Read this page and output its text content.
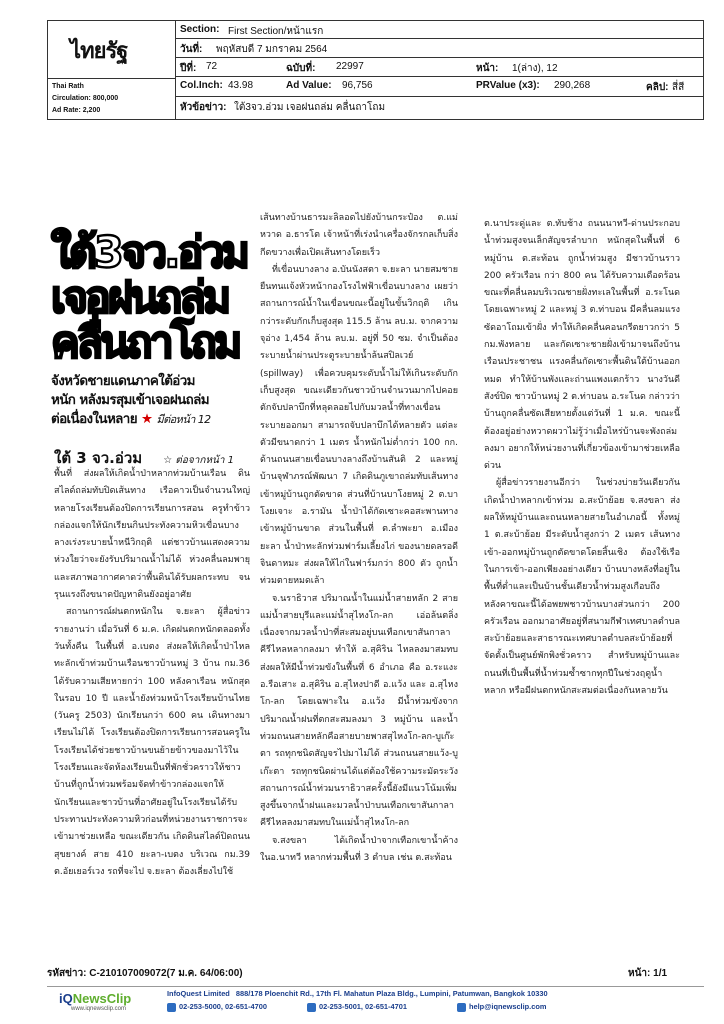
ไทยรัฐ
Thai Rath
Circulation: 800,000
Ad Rate: 2,200
Section: First Section/หน้าแรก
วันที่: พฤหัสบดี 7 มกราคม 2564
ปีที่: 72	ฉบับที่: 22997	หน้า: 1(ล่าง), 12
Col.Inch: 43.98	Ad Value: 96,756	PRValue (x3): 290,268	คลิป: สี่สี
หัวข้อข่าว: ใต้3จว.อ่วม เจอฝนถล่ม คลื่นถาโถม
ใต้3จว.อ่วม
เจอฝนถล่ม
คลื่นถาโถม
จังหวัดชายแดนภาคใต้อ่วม
หนัก หลังมรสุมเข้าเจอฝนถล่ม
ต่อเนื่องในหลาย ★ มีต่อหน้า 12
ใต้ 3 จว.อ่วม ☆ ต่อจากหน้า 1

พื้นที่ ส่งผลให้เกิดน้ำป่าหลากท่วมบ้านเรือน ดินสไลด์ถล่มทับปิดเส้นทาง เรือคาวเป็นจำนวนใหญ่หลายโรงเรียนต้องปิดการเรียนการสอน ครูทำข้าวกล่องแจกให้นักเรียนกินประทังความหิวเขื่อนบางลางเร่งระบายน้ำหนีวิกฤติ แต่ชาวบ้านแสดงความห่วงใยว่าจะยังรับปริมาณน้ำไม่ได้ ห่วงคลื่นลมพายุและสภาพอากาศคาดว่าพื้นดินได้รับผลกระทบ จนรุนแรงถึงขนาดปัญหาดินยังอยู่อาศัย

สถานการณ์ฝนตกหนักใน จ.ยะลา ผู้สื่อข่าวรายงานว่า เมื่อวันที่ 6 ม.ค. เกิดฝนตกหนักตลอดทั้งวันทั้งคืน ในพื้นที่ อ.เบตง ส่งผลให้เกิดน้ำป่าไหลทะลักเข้าท่วมบ้านเรือนชาวบ้านหมู่ 3 บ้าน กม.36 ได้รับความเสียหายกว่า 100 หลังคาเรือน หนักสุดในรอบ 10 ปี และน้ำยังท่วมหน้าโรงเรียนบ้านไทย (วันครู 2503) นักเรียนกว่า 600 คน เดินทางมาเรียนไม่ได้ โรงเรียนต้องปิดการเรียนการสอนครูในโรงเรียนได้ช่วยชาวบ้านขนย้ายข้าวของมาไว้ในโรงเรียนและจัดห้องเรียนเป็นที่พักชั่วคราวให้ชาวบ้านที่ถูกน้ำท่วมพร้อมจัดทำข้าวกล่องแจกให้นักเรียนและชาวบ้านที่อาศัยอยู่ในโรงเรียนได้รับประทานประทังความหิวก่อนที่หน่วยงานราชการจะเข้ามาช่วยเหลือ ขณะเดียวกัน เกิดดินสไลด์ปิดถนนสุขยางค์ สาย 410 ยะลา-เบตง บริเวณ กม.39 ต.อัยเยอร์เวง รถที่จะไป จ.ยะลา ต้องเลี่ยงไปใช้

เส้นทางบ้านธารมะลิลอดไปยังบ้านกระป๋อง ต.แม่หวาด อ.ธารโต เจ้าหน้าที่เร่งนำเครื่องจักรกลเก็บสิ่งกีดขวางเพื่อเปิดเส้นทางโดยเร็ว

ที่เขื่อนบางลาง อ.บันนังสตา จ.ยะลา นายสมชาย ยืนทนแจ้งหัวหน้ากองโรงไฟฟ้าเขื่อนบางลาง เผยว่าสถานการณ์น้ำในเขื่อนขณะนี้อยู่ในขั้นวิกฤติ เกินกว่าระดับกักเก็บสูงสุด 115.5 ล้าน ลบ.ม. จากความจุอ่าง 1,454 ล้าน ลบ.ม. อยู่ที่ 50 ซม. จำเป็นต้องระบายน้ำผ่านประตูระบายน้ำล้นสปิลเวย์ (spillway) เพื่อควบคุมระดับน้ำไม่ให้เกินระดับกักเก็บสูงสุด ขณะเดียวกันชาวบ้านจำนวนมากไปคอยตักจับปลาบึกที่หลุดลอยไปกับมวลน้ำที่ทางเขื่อนระบายออกมา สามารถจับปลาบึกได้หลายตัว แต่ละตัวมีขนาดกว่า 1 เมตร น้ำหนักไม่ต่ำกว่า 100 กก. ด้านถนนสายเขื่อนบางลางถึงบ้านสันติ 2 และหมู่บ้านจุฬาภรณ์พัฒนา 7 เกิดดินภูเขาถล่มทับเส้นทางเข้าหมู่บ้านถูกตัดขาด ส่วนที่บ้านบาโงยหมู่ 2 ต.บาโงยเจาะ อ.รามัน น้ำป่าได้กัดเซาะคอสะพานทางเข้าหมู่บ้านขาด ส่วนในพื้นที่ ต.ลำพะยา อ.เมืองยะลา น้ำป่าทะลักท่วมฟาร์มเลี้ยงไก่ ของนายดลรอดี จินดาหมะ ส่งผลให้ไก่ในฟาร์มกว่า 800 ตัว ถูกน้ำท่วมตายหมดเล้า

จ.นราธิวาส ปริมาณน้ำในแม่น้ำสายหลัก 2 สาย แม่น้ำสายบุรีและแม่น้ำสุไหงโก-ลก เอ่อล้นตลิ่งเนื่องจากมวลน้ำป่าที่สะสมอยู่บนเทือกเขาสันกาลาคีรีไหลหลากลงมา ทำให้ อ.สุคิริน ไหลลงมาสมทบส่งผลให้มีน้ำท่วมขังในพื้นที่ 6 อำเภอ คือ อ.ระแงะ อ.รือเสาะ อ.สุคิริน อ.สุไหงปาดี อ.แว้ง และ อ.สุไหงโก-ลก โดยเฉพาะใน อ.แว้ง มีน้ำท่วมขังจากปริมาณน้ำฝนที่ตกสะสมลงมา 3 หมู่บ้าน และน้ำท่วมถนนสายหลักคือสายบายพาสสุไหงโก-ลก-บูเก๊ะตา รถทุกชนิดสัญจรไปมาไม่ได้ ส่วนถนนสายแว้ง-บูเก๊ะตา รถทุกชนิดผ่านได้แต่ต้องใช้ความระมัดระวัง สถานการณ์น้ำท่วมนราธิวาสครั้งนี้ยังมีแนวโน้มเพิ่มสูงขึ้นจากน้ำฝนและมวลน้ำป่าบนเทือกเขาสันกาลาคีรีไหลลงมาสมทบในแม่น้ำสุไหงโก-ลก

จ.สงขลา ได้เกิดน้ำป่าจากเทือกเขาน้ำค้างในอ.นาทวี หลากท่วมพื้นที่ 3 ตำบล เช่น ต.สะท้อน

ต.นาประดู่และ ต.ทับช้าง ถนนนาทวี-ด่านประกอบน้ำท่วมสูงจนเล็กสัญจรลำบาก หนักสุดในพื้นที่ 6 หมู่บ้าน ต.สะท้อน ถูกน้ำท่วมสูง มีชาวบ้านราว 200 ครัวเรือน กว่า 800 คน ได้รับความเดือดร้อน ขณะที่คลื่นลมบริเวณชายฝั่งทะเลในพื้นที่ อ.ระโนด โดยเฉพาะหมู่ 2 และหมู่ 3 ต.ท่าบอน มีคลื่นลมแรงซัดอาโถมเข้าฝั่ง ทำให้เกิดคลื่นคอนกรีตยาวกว่า 5 กม.พังทลาย และกัดเซาะชายฝั่งเข้ามาจนถึงบ้านเรือนประชาชน แรงคลื่นกัดเซาะพื้นดินใต้บ้านออกหมด ทำให้บ้านพังและถ่านแพงแตกร้าว นางวันดี สังข์ปิด ชาวบ้านหมู่ 2 ต.ท่าบอน อ.ระโนด กล่าวว่า บ้านถูกคลื่นซัดเสียหายตั้งแต่วันที่ 1 ม.ค. ขณะนี้ต้องอยู่อย่างหวาดผวาไม่รู้ว่าเมื่อไหร่บ้านจะพังถล่มลงมา อยากให้หน่วยงานที่เกี่ยวข้องเข้ามาช่วยเหลือด่วน

ผู้สื่อข่าวรายงานอีกว่า ในช่วงบ่ายวันเดียวกันเกิดน้ำป่าหลากเข้าท่วม อ.สะบ้าย้อย จ.สงขลา ส่งผลให้หมู่บ้านและถนนหลายสายในอำเภอนี้ ทั้งหมู่ 1 ต.สะบ้าย้อย มีระดับน้ำสูงกว่า 2 เมตร เส้นทางเข้า-ออกหมู่บ้านถูกตัดขาดโดยสิ้นเชิง ต้องใช้เรือในการเข้า-ออกเพียงอย่างเดียว บ้านบางหลังที่อยู่ในพื้นที่ต่ำและเป็นบ้านชั้นเดียวน้ำท่วมสูงเกือบถึงหลังคาขณะนี้ได้อพยพชาวบ้านบางส่วนกว่า 200 ครัวเรือน ออกมาอาศัยอยู่ที่สนามกีฬาเทศบาลตำบลสะบ้าย้อยและสาธารณะเทศบาลตำบลสะบ้าย้อยที่จัดตั้งเป็นศูนย์พักพิงชั่วคราว สำหรับหมู่บ้านและถนนที่เป็นพื้นที่น้ำท่วมซ้ำซากทุกปีในช่วงฤดูน้ำหลาก หรือมีฝนตกหนักสะสมต่อเนื่องกันหลายวัน

รหัสข่าว: C-210107009072(7 ม.ค. 64/06:00)	หน้า: 1/1
iQNewsClip
www.iqnewsclip.com
InfoQuest Limited 888/178 Ploenchit Rd., 17th Fl. Mahatun Plaza Bldg., Lumpini, Patumwan, Bangkok 10330
02-253-5000, 02-651-4700	02-253-5001, 02-651-4701	help@iqnewsclip.com
